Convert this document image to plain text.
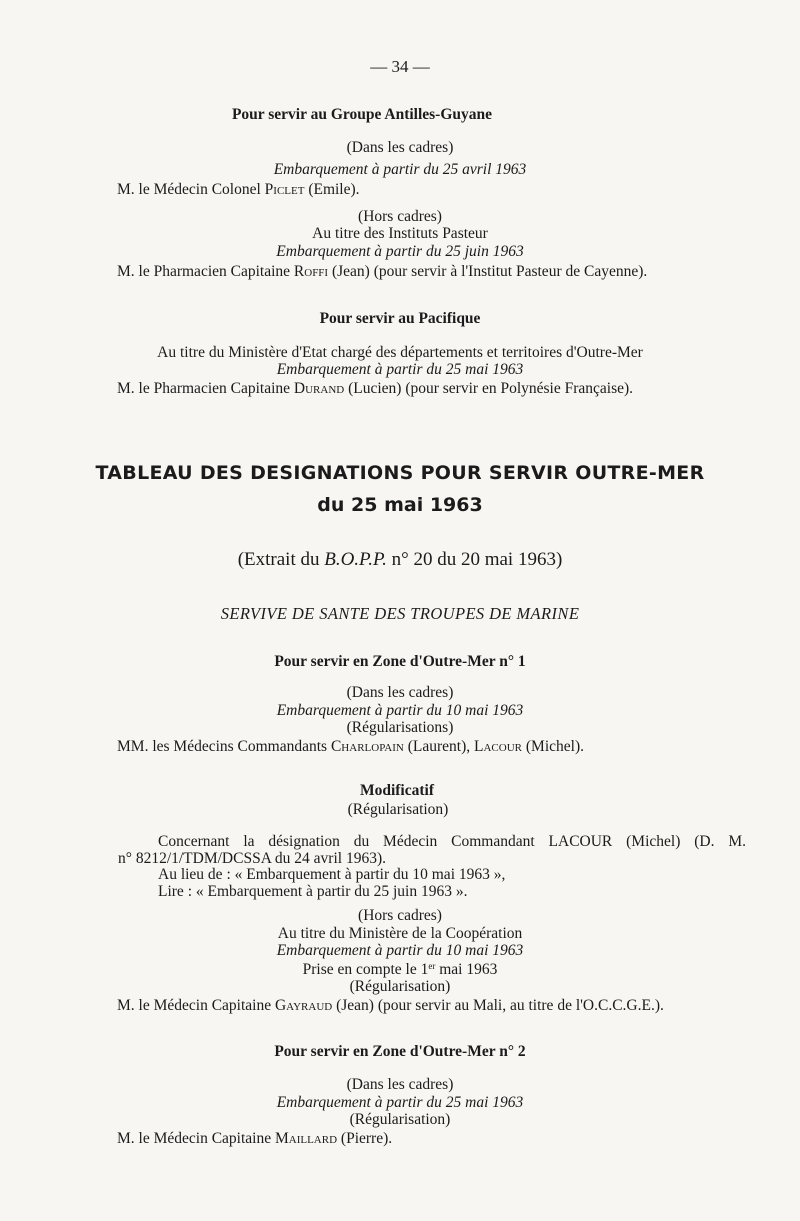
— 34 —
Pour servir au Groupe Antilles-Guyane
(Dans les cadres)
Embarquement à partir du 25 avril 1963
M. le Médecin Colonel Piclet (Emile).
(Hors cadres)
Au titre des Instituts Pasteur
Embarquement à partir du 25 juin 1963
M. le Pharmacien Capitaine Roffi (Jean) (pour servir à l'Institut Pasteur de Cayenne).
Pour servir au Pacifique
Au titre du Ministère d'Etat chargé des départements et territoires d'Outre-Mer
Embarquement à partir du 25 mai 1963
M. le Pharmacien Capitaine Durand (Lucien) (pour servir en Polynésie Française).
TABLEAU DES DESIGNATIONS POUR SERVIR OUTRE-MER
du 25 mai 1963
(Extrait du B.O.P.P. n° 20 du 20 mai 1963)
SERVIVE DE SANTE DES TROUPES DE MARINE
Pour servir en Zone d'Outre-Mer n° 1
(Dans les cadres)
Embarquement à partir du 10 mai 1963
(Régularisations)
MM. les Médecins Commandants Charlopain (Laurent), Lacour (Michel).
Modificatif
(Régularisation)
Concernant la désignation du Médecin Commandant LACOUR (Michel) (D. M.
n° 8212/1/TDM/DCSSA du 24 avril 1963).
Au lieu de : « Embarquement à partir du 10 mai 1963 »,
Lire : « Embarquement à partir du 25 juin 1963 ».
(Hors cadres)
Au titre du Ministère de la Coopération
Embarquement à partir du 10 mai 1963
Prise en compte le 1er mai 1963
(Régularisation)
M. le Médecin Capitaine Gayraud (Jean) (pour servir au Mali, au titre de l'O.C.C.G.E.).
Pour servir en Zone d'Outre-Mer n° 2
(Dans les cadres)
Embarquement à partir du 25 mai 1963
(Régularisation)
M. le Médecin Capitaine Maillard (Pierre).
